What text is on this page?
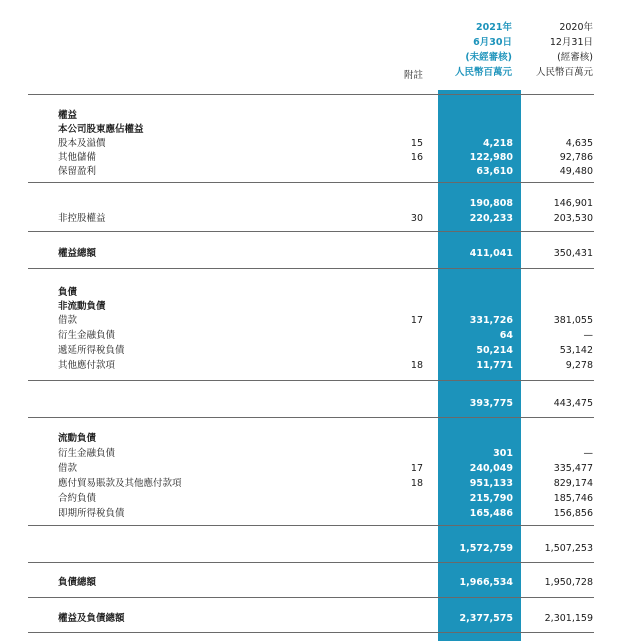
2021年
6月30日
(未經審核)
人民幣百萬元
2020年
12月31日
(經審核)
人民幣百萬元
附註
權益
本公司股東應佔權益
股本及溢價	15	4,218	4,635
其他儲備	16	122,980	92,786
保留盈利	63,610	49,480
190,808	146,901
非控股權益	30	220,233	203,530
權益總額	411,041	350,431
負債
非流動負債
借款	17	331,726	381,055
衍生金融負債	64	—
遞延所得稅負債	50,214	53,142
其他應付款項	18	11,771	9,278
393,775	443,475
流動負債
衍生金融負債	301	—
借款	17	240,049	335,477
應付貿易賬款及其他應付款項	18	951,133	829,174
合約負債	215,790	185,746
即期所得稅負債	165,486	156,856
1,572,759	1,507,253
負債總額	1,966,534	1,950,728
權益及負債總額	2,377,575	2,301,159
